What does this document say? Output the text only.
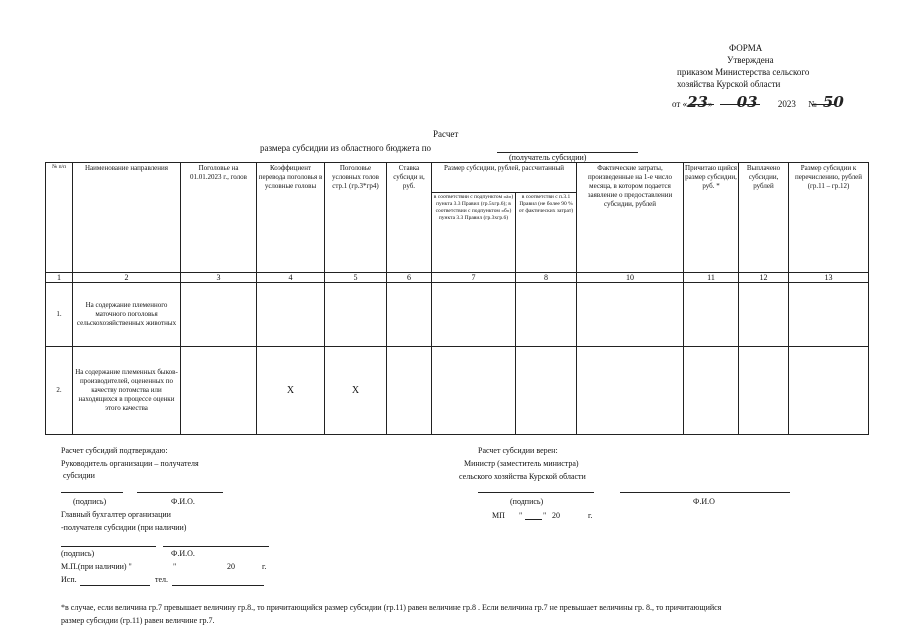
ФОРМА
Утверждена
приказом Министерства сельского
хозяйства Курской области
от «23» 03 2023 № 50
Расчет
размера субсидии из областного бюджета по
(получатель субсидии)
№ п/п	Наименование направления	Поголовье на 01.01.2023 г., голов	Коэффициент перевода поголовья в условные головы	Поголовье условных голов стр.1 (гр.3*гр4)	Ставка субсиди и, руб.	Размер субсидии, рублей, рассчитанный		Фактические затраты, произведенные на 1-е число месяца, в котором подается заявление о предоставлении субсидии, рублей	Причитаю щийся размер субсидии, руб. *	Выплачено субсидии, рублей	Размер субсидии к перечислению, рублей (гр.11 – гр.12)
						в соответствии с подпунктом «а») пункта 3.3 Правил (гр.5хгр.6); в соответствии с подпунктом «б») пункта 3.3 Правил (гр.3хгр.6)	в соответстви с п.3.1 Правил (не более 90 % от фактических затрат)				
1	2	3	4	5	6	7	8	10	11	12	13
1.	На содержание племенного маточного поголовья сельскохозяйственных животных										
2.	На содержание племенных быков-производителей, оцененных по качеству потомства или находящихся в процессе оценки этого качества		Х	Х							
Расчет субсидий подтверждаю:
Руководитель организации – получателя
субсидии
(подпись)	Ф.И.О.
Главный бухгалтер организации
-получателя субсидии (при наличии)
(подпись)	Ф.И.О.
М.П.(при наличии) "	"	20	г.
Исп.	тел.
Расчет субсидии верен:
Министр (заместитель министра)
сельского хозяйства Курской области
(подпись)	Ф.И.О
МП "	" 20	г.
*в случае, если величина гр.7 превышает величину гр.8., то причитающийся размер субсидии (гр.11) равен величине гр.8 . Если величина гр.7 не превышает величины гр. 8., то причитающийся
размер субсидии (гр.11) равен величине гр.7.
